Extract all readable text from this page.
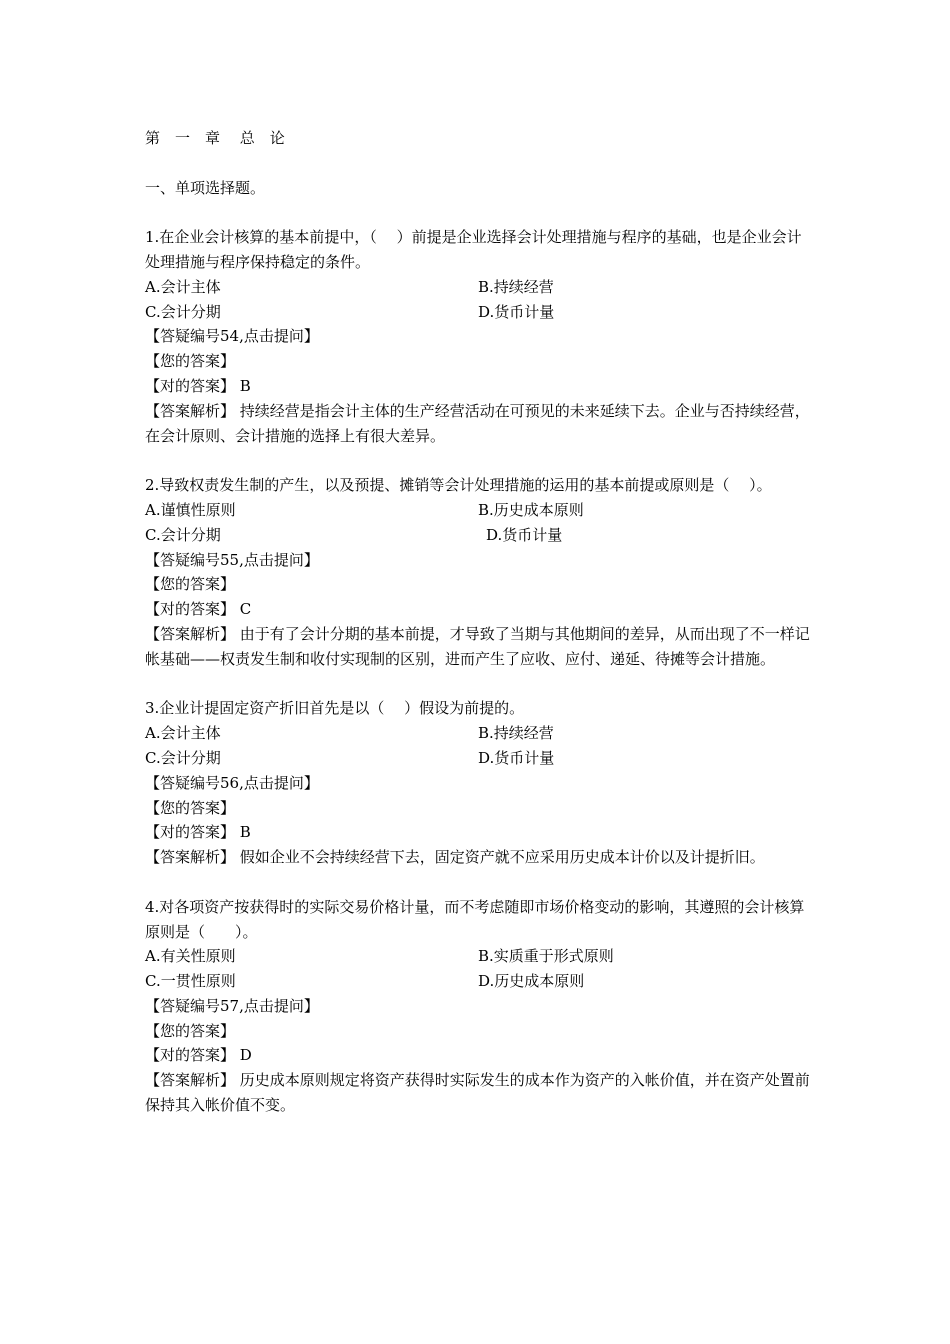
第　一　章　 总　论
一、单项选择题。
1.在企业会计核算的基本前提中，（　 ）前提是企业选择会计处理措施与程序的基础，也是企业会计处理措施与程序保持稳定的条件。
A.会计主体	B.持续经营
C.会计分期	D.货币计量
【答疑编号54,点击提问】
【您的答案】
【对的答案】 B
【答案解析】 持续经营是指会计主体的生产经营活动在可预见的未来延续下去。企业与否持续经营，在会计原则、会计措施的选择上有很大差异。
2.导致权责发生制的产生，以及预提、摊销等会计处理措施的运用的基本前提或原则是（　 ）。
A.谨慎性原则	B.历史成本原则
C.会计分期	D.货币计量
【答疑编号55,点击提问】
【您的答案】
【对的答案】 C
【答案解析】 由于有了会计分期的基本前提，才导致了当期与其他期间的差异，从而出现了不一样记帐基础——权责发生制和收付实现制的区别，进而产生了应收、应付、递延、待摊等会计措施。
3.企业计提固定资产折旧首先是以（　 ）假设为前提的。
A.会计主体	B.持续经营
C.会计分期	D.货币计量
【答疑编号56,点击提问】
【您的答案】
【对的答案】 B
【答案解析】 假如企业不会持续经营下去，固定资产就不应采用历史成本计价以及计提折旧。
4.对各项资产按获得时的实际交易价格计量，而不考虑随即市场价格变动的影响，其遵照的会计核算原则是（　　）。
A.有关性原则	B.实质重于形式原则
C.一贯性原则	D.历史成本原则
【答疑编号57,点击提问】
【您的答案】
【对的答案】 D
【答案解析】 历史成本原则规定将资产获得时实际发生的成本作为资产的入帐价值，并在资产处置前保持其入帐价值不变。
